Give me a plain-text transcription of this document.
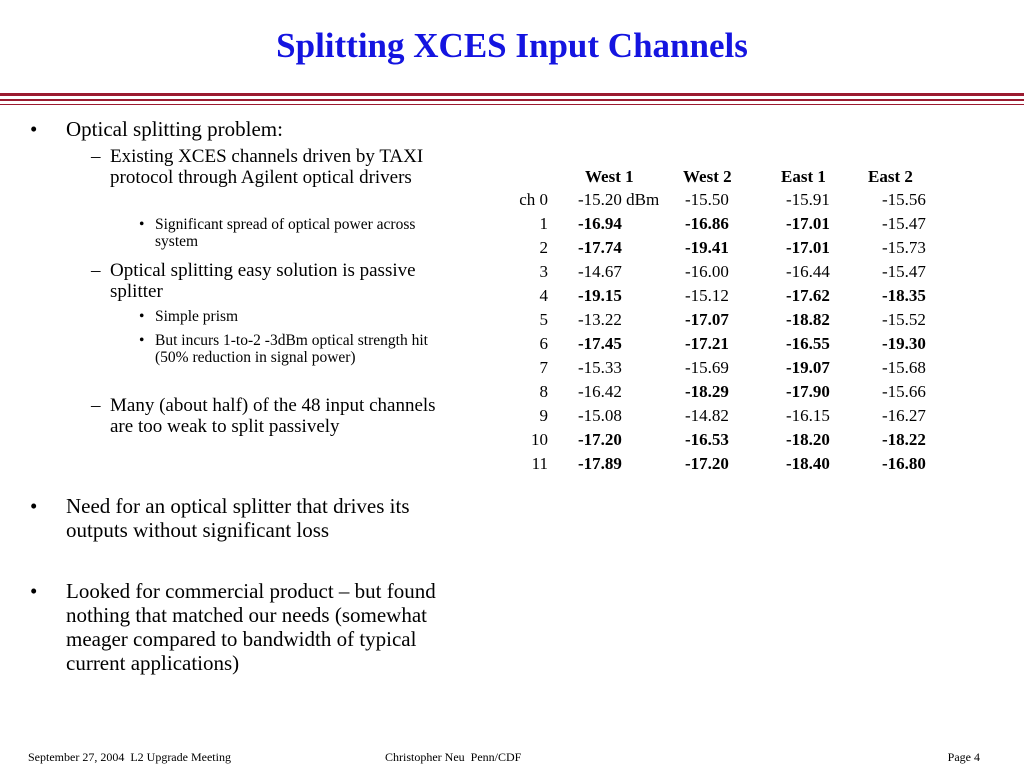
Splitting XCES Input Channels
• Optical splitting problem:
– Existing XCES channels driven by TAXI protocol through Agilent optical drivers
• Significant spread of optical power across system
– Optical splitting easy solution is passive splitter
• Simple prism
• But incurs 1-to-2 -3dBm optical strength hit (50% reduction in signal power)
– Many (about half) of the 48 input channels are too weak to split passively
• Need for an optical splitter that drives its outputs without significant loss
• Looked for commercial product – but found nothing that matched our needs (somewhat meager compared to bandwidth of typical current applications)
West 1	West 2	East 1 East 2
ch 0 -15.20 dBm -15.50	-15.91	-15.56
1 -16.94	-16.86	-17.01	-15.47
2 -17.74	-19.41	-17.01	-15.73
3 -14.67	-16.00	-16.44	-15.47
4 -19.15	-15.12	-17.62	-18.35
5 -13.22	-17.07	-18.82	-15.52
6 -17.45	-17.21	-16.55	-19.30
7 -15.33	-15.69	-19.07	-15.68
8 -16.42	-18.29	-17.90	-15.66
9 -15.08	-14.82	-16.15	-16.27
10 -17.20	-16.53	-18.20	-18.22
11 -17.89	-17.20	-18.40	-16.80
September 27, 2004  L2 Upgrade Meeting	Christopher Neu  Penn/CDF	Page 4
